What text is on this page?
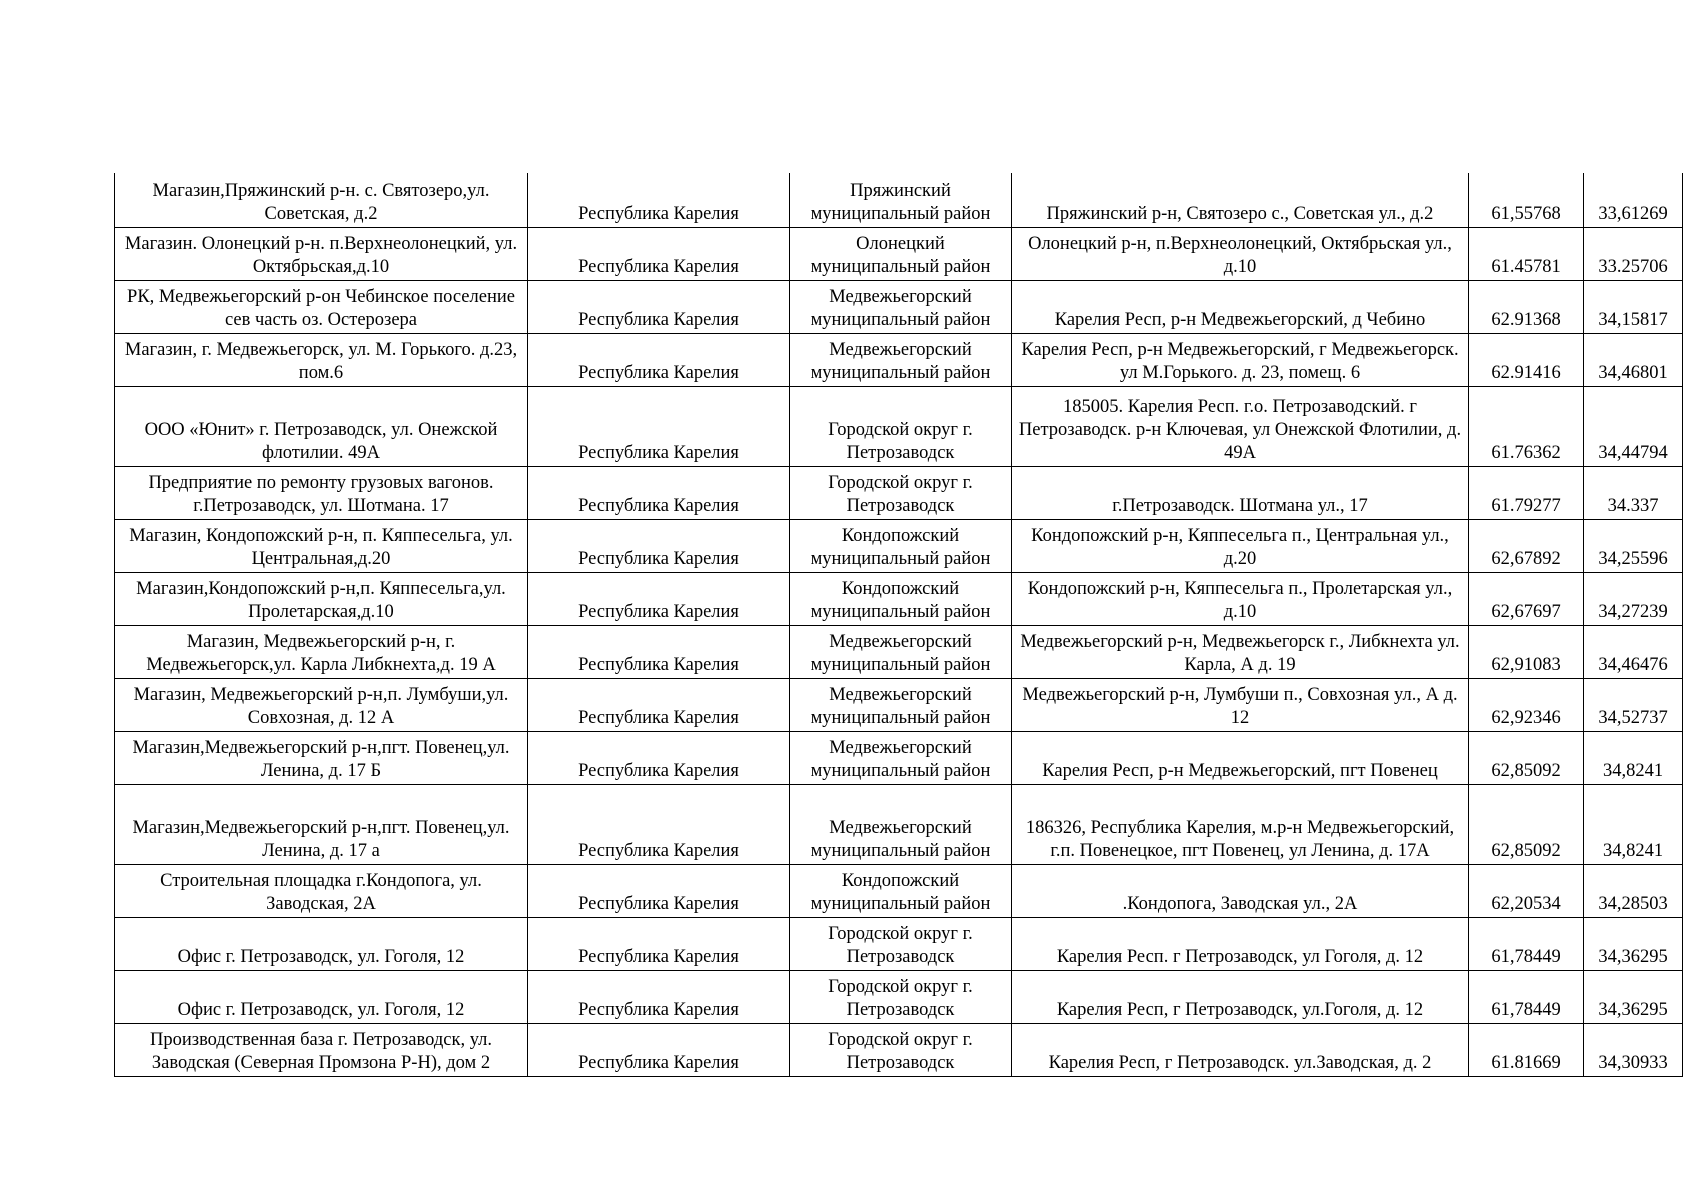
Магазин,Пряжинский р-н. с. Святозеро,ул. Советская, д.2	Республика Карелия	Пряжинский муниципальный район	Пряжинский р-н, Святозеро с., Советская ул., д.2	61,55768	33,61269
Магазин. Олонецкий р-н. п.Верхнеолонецкий, ул. Октябрьская,д.10	Республика Карелия	Олонецкий муниципальный район	Олонецкий р-н, п.Верхнеолонецкий, Октябрьская ул., д.10	61.45781	33.25706
РК, Медвежьегорский р-он Чебинское поселение сев часть оз. Остерозера	Республика Карелия	Медвежьегорский муниципальный район	Карелия Респ, р-н Медвежьегорский, д Чебино	62.91368	34,15817
Магазин, г. Медвежьегорск, ул. М. Горького. д.23, пом.6	Республика Карелия	Медвежьегорский муниципальный район	Карелия Респ, р-н Медвежьегорский, г Медвежьегорск. ул М.Горького. д. 23, помещ. 6	62.91416	34,46801
ООО «Юнит» г. Петрозаводск, ул. Онежской флотилии. 49А	Республика Карелия	Городской округ г. Петрозаводск	185005. Карелия Респ. г.о. Петрозаводский. г Петрозаводск. р-н Ключевая, ул Онежской Флотилии, д. 49А	61.76362	34,44794
Предприятие по ремонту грузовых вагонов. г.Петрозаводск, ул. Шотмана. 17	Республика Карелия	Городской округ г. Петрозаводск	г.Петрозаводск. Шотмана ул., 17	61.79277	34.337
Магазин, Кондопожский р-н, п. Кяппесельга, ул. Центральная,д.20	Республика Карелия	Кондопожский муниципальный район	Кондопожский р-н, Кяппесельга п., Центральная ул., д.20	62,67892	34,25596
Магазин,Кондопожский р-н,п. Кяппесельга,ул. Пролетарская,д.10	Республика Карелия	Кондопожский муниципальный район	Кондопожский р-н, Кяппесельга п., Пролетарская ул., д.10	62,67697	34,27239
Магазин, Медвежьегорский р-н, г. Медвежьегорск,ул. Карла Либкнехта,д. 19 А	Республика Карелия	Медвежьегорский муниципальный район	Медвежьегорский р-н, Медвежьегорск г., Либкнехта ул. Карла, А д. 19	62,91083	34,46476
Магазин, Медвежьегорский р-н,п. Лумбуши,ул. Совхозная, д. 12 А	Республика Карелия	Медвежьегорский муниципальный район	Медвежьегорский р-н, Лумбуши п., Совхозная ул., А д. 12	62,92346	34,52737
Магазин,Медвежьегорский р-н,пгт. Повенец,ул. Ленина, д. 17 Б	Республика Карелия	Медвежьегорский муниципальный район	Карелия Респ, р-н Медвежьегорский, пгт Повенец	62,85092	34,8241
Магазин,Медвежьегорский р-н,пгт. Повенец,ул. Ленина, д. 17 а	Республика Карелия	Медвежьегорский муниципальный район	186326, Республика Карелия, м.р-н Медвежьегорский, г.п. Повенецкое, пгт Повенец, ул Ленина, д. 17А	62,85092	34,8241
Строительная площадка г.Кондопога, ул. Заводская, 2А	Республика Карелия	Кондопожский муниципальный район	.Кондопога, Заводская ул., 2А	62,20534	34,28503
Офис г. Петрозаводск, ул. Гоголя, 12	Республика Карелия	Городской округ г. Петрозаводск	Карелия Респ. г Петрозаводск, ул Гоголя, д. 12	61,78449	34,36295
Офис г. Петрозаводск, ул. Гоголя, 12	Республика Карелия	Городской округ г. Петрозаводск	Карелия Респ, г Петрозаводск, ул.Гоголя, д. 12	61,78449	34,36295
Производственная база г. Петрозаводск, ул. Заводская (Северная Промзона Р-Н), дом 2	Республика Карелия	Городской округ г. Петрозаводск	Карелия Респ, г Петрозаводск. ул.Заводская, д. 2	61.81669	34,30933
